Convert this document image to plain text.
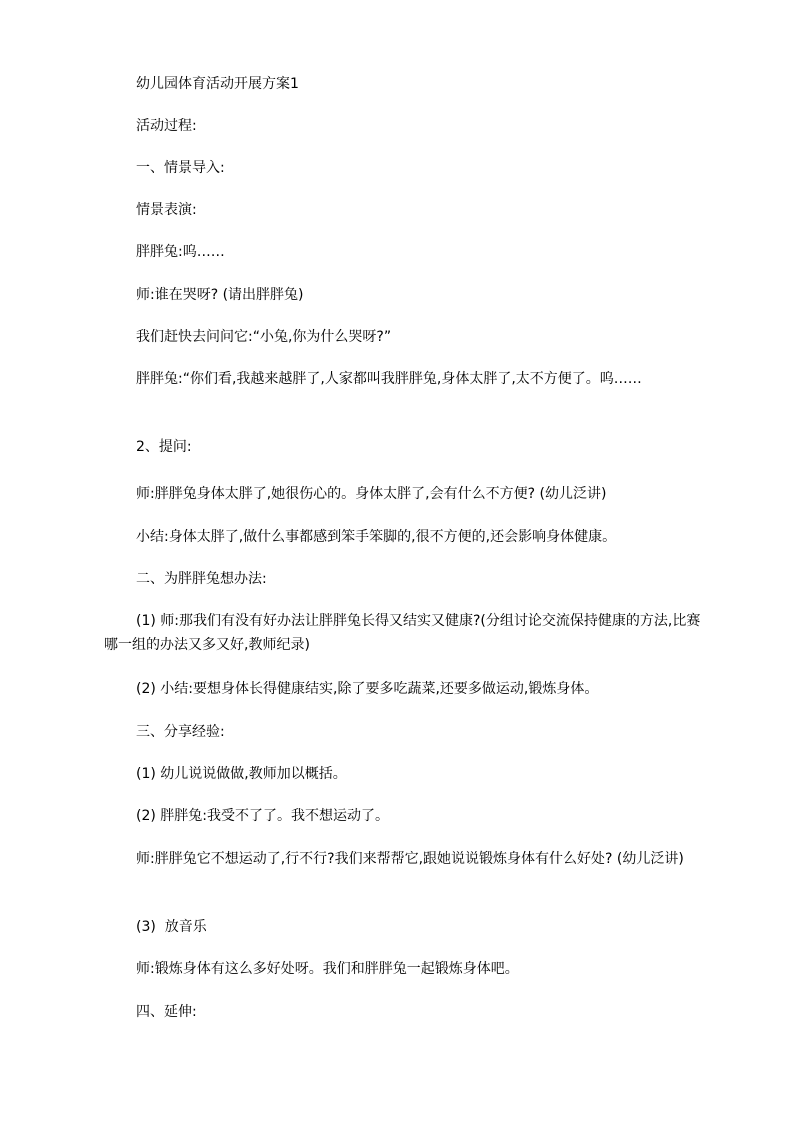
幼儿园体育活动开展方案1

活动过程:

一、情景导入:

情景表演:

胖胖兔:呜……

师:谁在哭呀? (请出胖胖兔)

我们赶快去问问它:“小兔,你为什么哭呀?”

胖胖兔:“你们看,我越来越胖了,人家都叫我胖胖兔,身体太胖了,太不方便了。呜……

2、提问:

师:胖胖兔身体太胖了,她很伤心的。身体太胖了,会有什么不方便? (幼儿泛讲)

小结:身体太胖了,做什么事都感到笨手笨脚的,很不方便的,还会影响身体健康。

二、为胖胖兔想办法:

(1) 师:那我们有没有好办法让胖胖兔长得又结实又健康?(分组讨论交流保持健康的方法,比赛哪一组的办法又多又好,教师纪录)

(2) 小结:要想身体长得健康结实,除了要多吃蔬菜,还要多做运动,锻炼身体。

三、分享经验:

(1) 幼儿说说做做,教师加以概括。

(2) 胖胖兔:我受不了了。我不想运动了。

师:胖胖兔它不想运动了,行不行?我们来帮帮它,跟她说说锻炼身体有什么好处? (幼儿泛讲)

(3)  放音乐

师:锻炼身体有这么多好处呀。我们和胖胖兔一起锻炼身体吧。

四、延伸:
